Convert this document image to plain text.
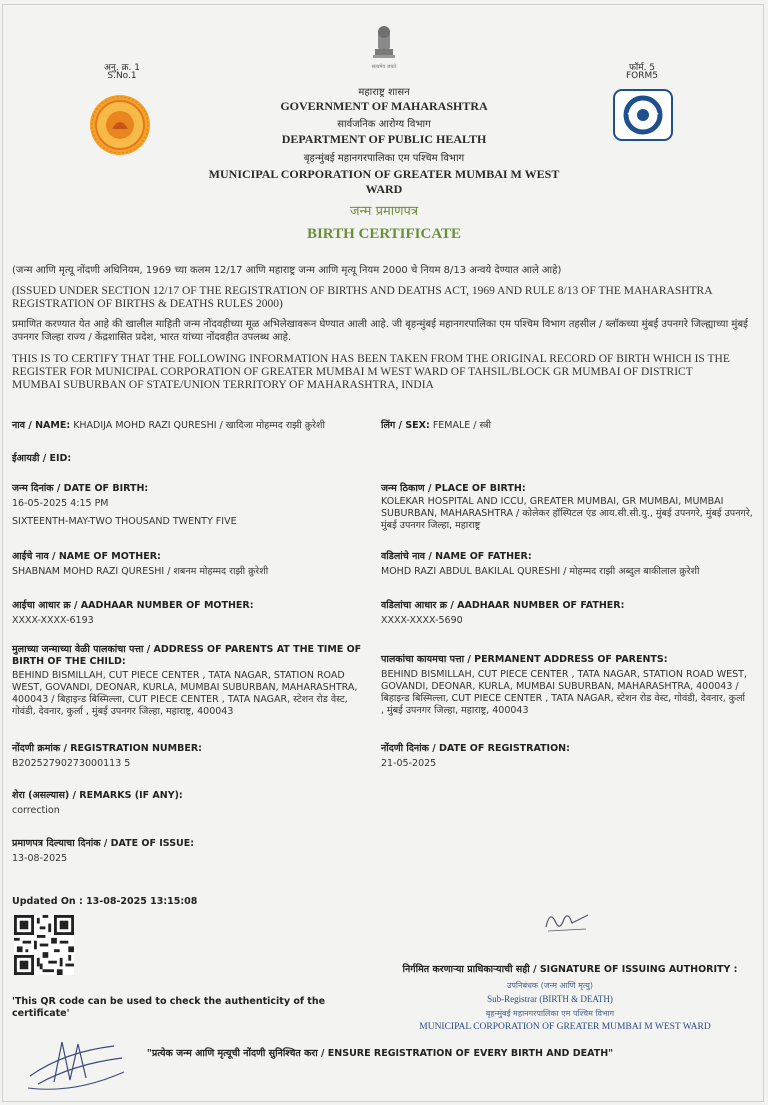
अनु. क्र. 1
S.No.1
फॉर्म. 5
FORM5
सत्यमेव जयते
महाराष्ट्र शासन
GOVERNMENT OF MAHARASHTRA
सार्वजनिक आरोग्य विभाग
DEPARTMENT OF PUBLIC HEALTH
बृहन्मुंबई महानगरपालिका एम पश्चिम विभाग
MUNICIPAL CORPORATION OF GREATER MUMBAI M WEST
WARD
जन्म प्रमाणपत्र
BIRTH CERTIFICATE
(जन्म आणि मृत्यू नोंदणी अधिनियम, 1969 च्या कलम 12/17 आणि महाराष्ट्र जन्म आणि मृत्यू नियम 2000 चे नियम 8/13 अन्वये देण्यात आले आहे)
(ISSUED UNDER SECTION 12/17 OF THE REGISTRATION OF BIRTHS AND DEATHS ACT, 1969 AND RULE 8/13 OF THE MAHARASHTRA REGISTRATION OF BIRTHS & DEATHS RULES 2000)
प्रमाणित करण्यात येत आहे की खालील माहिती जन्म नोंदवहीच्या मूळ अभिलेखावरून घेण्यात आली आहे. जी बृहन्मुंबई महानगरपालिका एम पश्चिम विभाग तहसील / ब्लॉकच्या मुंबई उपनगरे जिल्ह्याच्या मुंबई उपनगर जिल्हा राज्य / केंद्रशासित प्रदेश, भारत यांच्या नोंदवहीत उपलब्ध आहे.
THIS IS TO CERTIFY THAT THE FOLLOWING INFORMATION HAS BEEN TAKEN FROM THE ORIGINAL RECORD OF BIRTH WHICH IS THE REGISTER FOR MUNICIPAL CORPORATION OF GREATER MUMBAI M WEST WARD OF TAHSIL/BLOCK GR MUMBAI OF DISTRICT MUMBAI SUBURBAN OF STATE/UNION TERRITORY OF MAHARASHTRA, INDIA
नाव / NAME: KHADIJA MOHD RAZI QURESHI / खादिजा मोहम्मद राझी क़ुरेशी	लिंग / SEX: FEMALE / स्त्री
ईआयडी / EID:
जन्म दिनांक / DATE OF BIRTH:
16-05-2025 4:15 PM
SIXTEENTH-MAY-TWO THOUSAND TWENTY FIVE
जन्म ठिकाण / PLACE OF BIRTH:
KOLEKAR HOSPITAL AND ICCU, GREATER MUMBAI, GR MUMBAI, MUMBAI SUBURBAN, MAHARASHTRA / कोलेकर हॉस्पिटल एंड आय.सी.सी.यु., मुंबई उपनगरे, मुंबई उपनगरे, मुंबई उपनगर जिल्हा, महाराष्ट्र
आईचे नाव / NAME OF MOTHER:
SHABNAM MOHD RAZI QURESHI / शबनम मोहम्मद राझी क़ुरेशी
वडिलांचे नाव / NAME OF FATHER:
MOHD RAZI ABDUL BAKILAL QURESHI / मोहम्मद राझी अब्दुल बाकीलाल क़ुरेशी
आईचा आधार क्र / AADHAAR NUMBER OF MOTHER:
XXXX-XXXX-6193
वडिलांचा आधार क्र / AADHAAR NUMBER OF FATHER:
XXXX-XXXX-5690
मुलाच्या जन्माच्या वेळी पालकांचा पत्ता / ADDRESS OF PARENTS AT THE TIME OF BIRTH OF THE CHILD:
BEHIND BISMILLAH, CUT PIECE CENTER , TATA NAGAR, STATION ROAD WEST, GOVANDI, DEONAR, KURLA, MUMBAI SUBURBAN, MAHARASHTRA, 400043 / बिहाइन्ड बिस्मिल्ला, CUT PIECE CENTER , TATA NAGAR, स्टेशन रोड वेस्ट, गोवंडी, देवनार, कुर्ला , मुंबई उपनगर जिल्हा, महाराष्ट्र, 400043
पालकांचा कायमचा पत्ता / PERMANENT ADDRESS OF PARENTS:
BEHIND BISMILLAH, CUT PIECE CENTER , TATA NAGAR, STATION ROAD WEST, GOVANDI, DEONAR, KURLA, MUMBAI SUBURBAN, MAHARASHTRA, 400043 / बिहाइन्ड बिस्मिल्ला, CUT PIECE CENTER , TATA NAGAR, स्टेशन रोड वेस्ट, गोवंडी, देवनार, कुर्ला , मुंबई उपनगर जिल्हा, महाराष्ट्र, 400043
नोंदणी क्रमांक / REGISTRATION NUMBER:
B20252790273000113 5
नोंदणी दिनांक / DATE OF REGISTRATION:
21-05-2025
शेरा (असल्यास) / REMARKS (IF ANY):
correction
प्रमाणपत्र दिल्याचा दिनांक / DATE OF ISSUE:
13-08-2025
Updated On : 13-08-2025 13:15:08
'This QR code can be used to check the authenticity of the certificate'
निर्गमित करणाऱ्या प्राधिकाऱ्याची सही / SIGNATURE OF ISSUING AUTHORITY :
उपनिबंधक (जन्म आणि मृत्यु)
Sub-Registrar (BIRTH & DEATH)
बृहन्मुंबई महानगरपालिका एम पश्चिम विभाग
MUNICIPAL CORPORATION OF GREATER MUMBAI M WEST WARD
"प्रत्येक जन्म आणि मृत्यूची नोंदणी सुनिश्चित करा / ENSURE REGISTRATION OF EVERY BIRTH AND DEATH"
